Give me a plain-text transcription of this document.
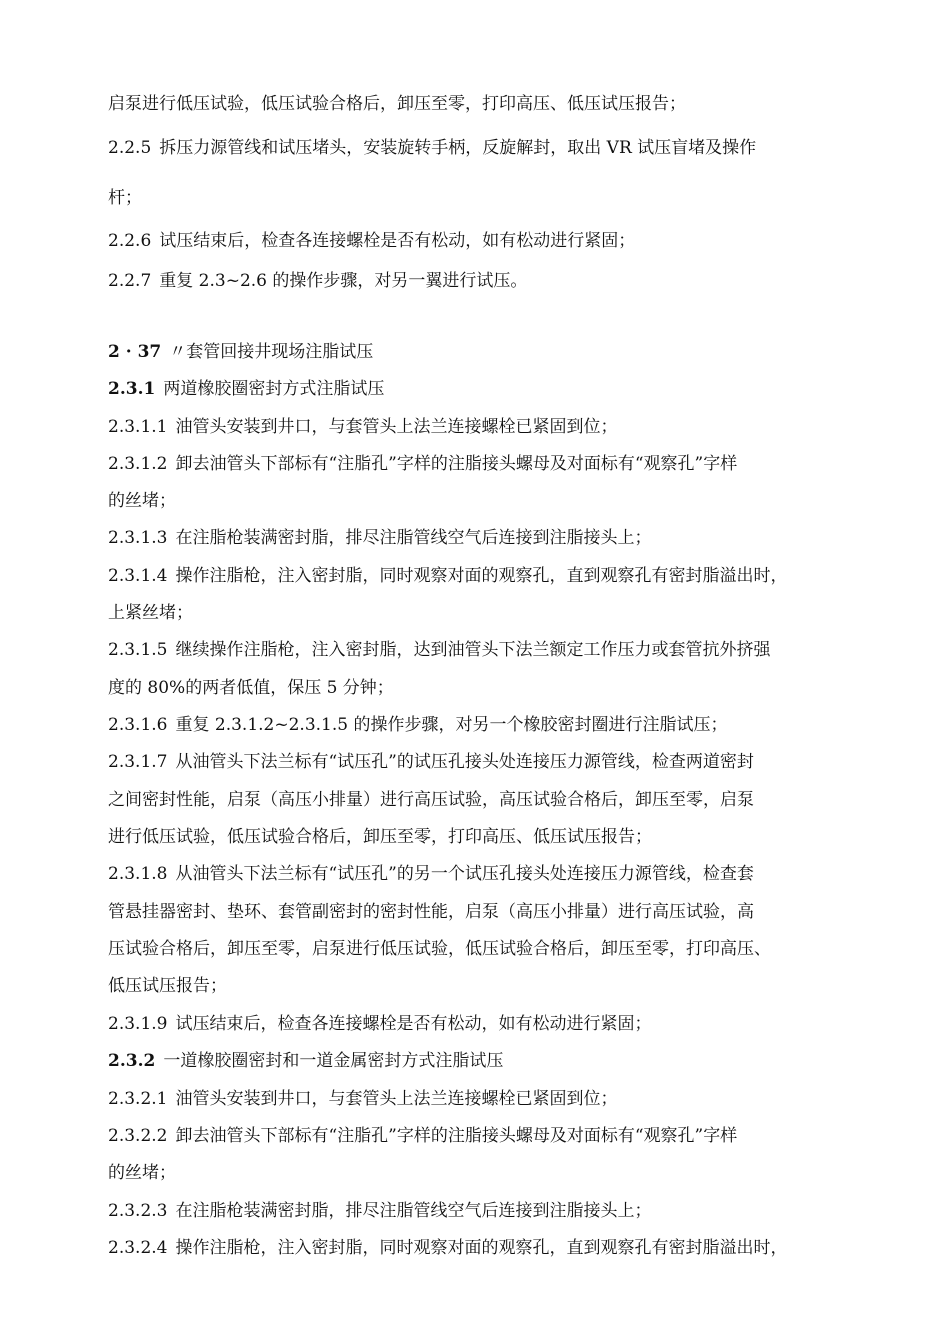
启泵进行低压试验，低压试验合格后，卸压至零，打印高压、低压试压报告；
2.2.5 拆压力源管线和试压堵头，安装旋转手柄，反旋解封，取出 VR 试压盲堵及操作
杆；
2.2.6 试压结束后，检查各连接螺栓是否有松动，如有松动进行紧固；
2.2.7 重复 2.3~2.6 的操作步骤，对另一翼进行试压。
2 · 37 〃套管回接井现场注脂试压
2.3.1 两道橡胶圈密封方式注脂试压
2.3.1.1 油管头安装到井口，与套管头上法兰连接螺栓已紧固到位；
2.3.1.2 卸去油管头下部标有“注脂孔”字样的注脂接头螺母及对面标有“观察孔”字样
的丝堵；
2.3.1.3 在注脂枪装满密封脂，排尽注脂管线空气后连接到注脂接头上；
2.3.1.4 操作注脂枪，注入密封脂，同时观察对面的观察孔，直到观察孔有密封脂溢出时，
上紧丝堵；
2.3.1.5 继续操作注脂枪，注入密封脂，达到油管头下法兰额定工作压力或套管抗外挤强
度的 80%的两者低值，保压 5 分钟；
2.3.1.6 重复 2.3.1.2~2.3.1.5 的操作步骤，对另一个橡胶密封圈进行注脂试压；
2.3.1.7 从油管头下法兰标有“试压孔”的试压孔接头处连接压力源管线，检查两道密封
之间密封性能，启泵（高压小排量）进行高压试验，高压试验合格后，卸压至零，启泵
进行低压试验，低压试验合格后，卸压至零，打印高压、低压试压报告；
2.3.1.8 从油管头下法兰标有“试压孔”的另一个试压孔接头处连接压力源管线，检查套
管悬挂器密封、垫环、套管副密封的密封性能，启泵（高压小排量）进行高压试验，高
压试验合格后，卸压至零，启泵进行低压试验，低压试验合格后，卸压至零，打印高压、
低压试压报告；
2.3.1.9 试压结束后，检查各连接螺栓是否有松动，如有松动进行紧固；
2.3.2 一道橡胶圈密封和一道金属密封方式注脂试压
2.3.2.1 油管头安装到井口，与套管头上法兰连接螺栓已紧固到位；
2.3.2.2 卸去油管头下部标有“注脂孔”字样的注脂接头螺母及对面标有“观察孔”字样
的丝堵；
2.3.2.3 在注脂枪装满密封脂，排尽注脂管线空气后连接到注脂接头上；
2.3.2.4 操作注脂枪，注入密封脂，同时观察对面的观察孔，直到观察孔有密封脂溢出时，
